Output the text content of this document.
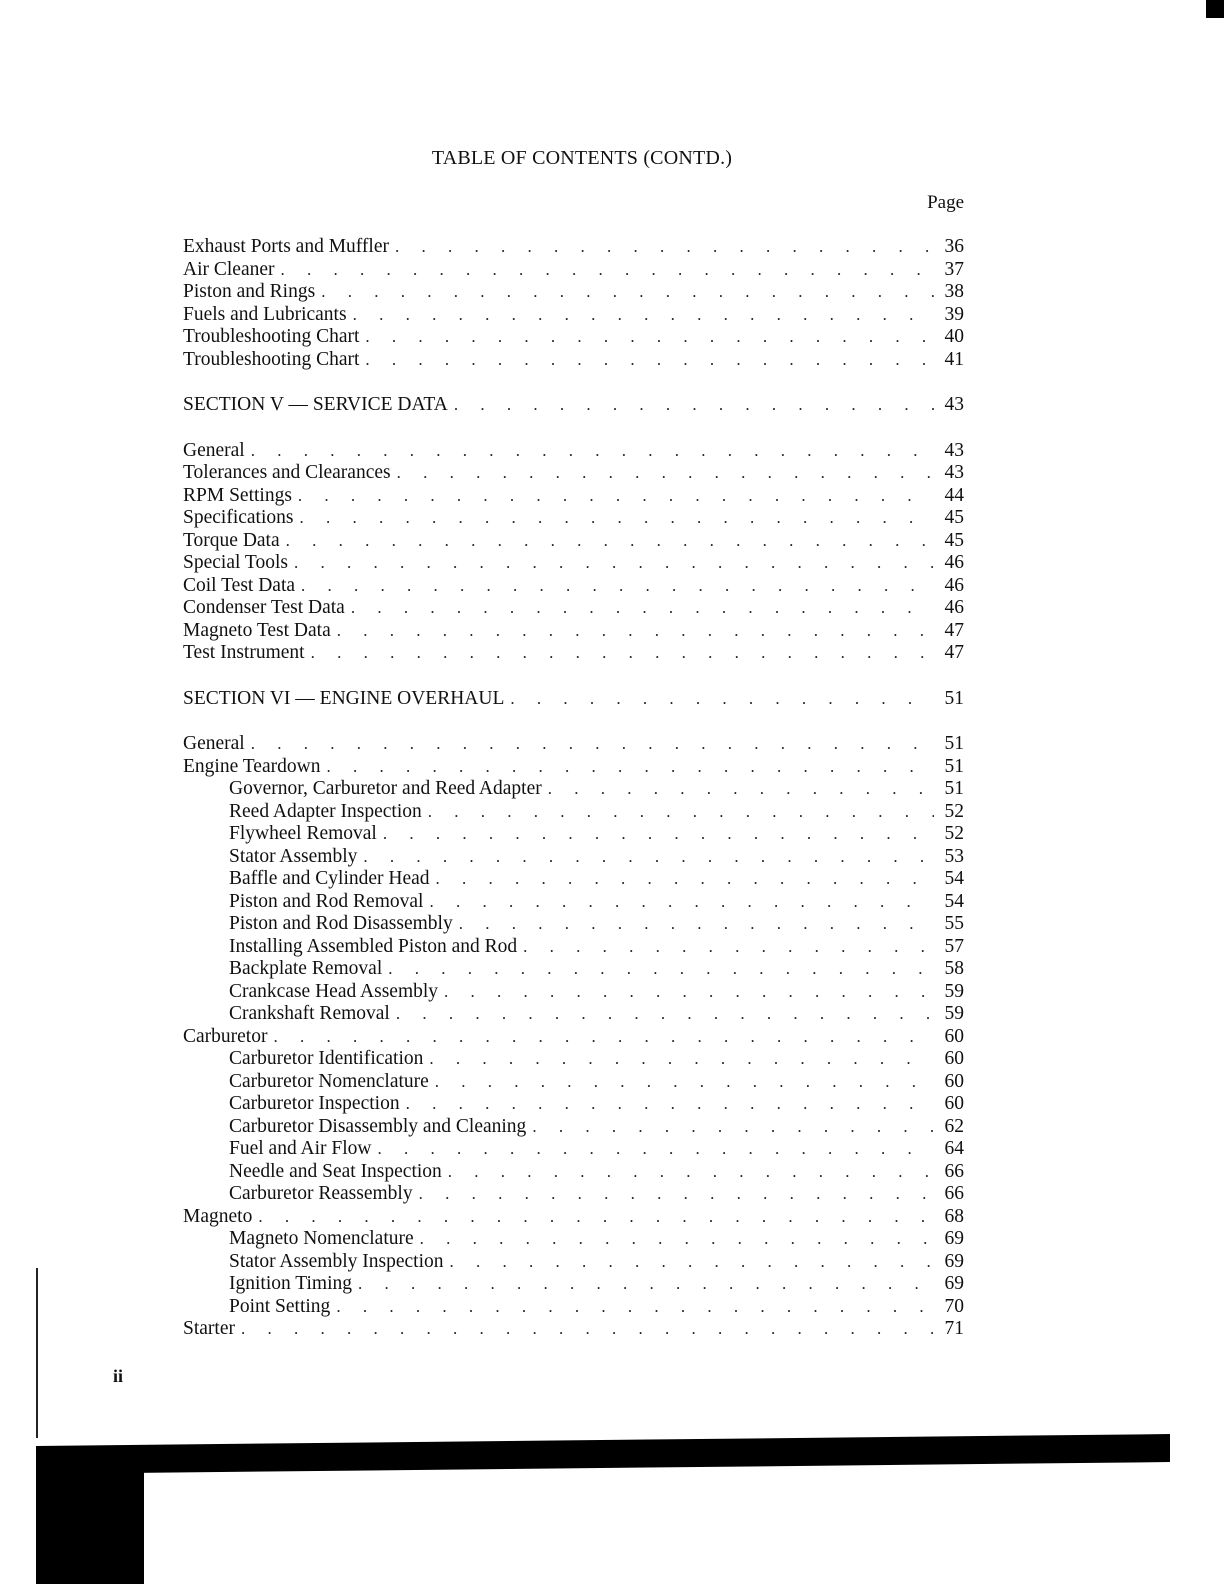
TABLE OF CONTENTS (CONTD.)
Page
Exhaust Ports and Muffler . . .	36
Air Cleaner . . .	37
Piston and Rings . . .	38
Fuels and Lubricants . . .	39
Troubleshooting Chart . . .	40
Troubleshooting Chart . . .	41
SECTION V — SERVICE DATA . . .	43
General . . .	43
Tolerances and Clearances . . .	43
RPM Settings . . .	44
Specifications . . .	45
Torque Data . . .	45
Special Tools . . .	46
Coil Test Data . . .	46
Condenser Test Data . . .	46
Magneto Test Data . . .	47
Test Instrument . . .	47
SECTION VI — ENGINE OVERHAUL . . .	51
General . . .	51
Engine Teardown . . .	51
Governor, Carburetor and Reed Adapter . . .	51
Reed Adapter Inspection . . .	52
Flywheel Removal . . .	52
Stator Assembly . . .	53
Baffle and Cylinder Head . . .	54
Piston and Rod Removal . . .	54
Piston and Rod Disassembly . . .	55
Installing Assembled Piston and Rod . . .	57
Backplate Removal . . .	58
Crankcase Head Assembly . . .	59
Crankshaft Removal . . .	59
Carburetor . . .	60
Carburetor Identification . . .	60
Carburetor Nomenclature . . .	60
Carburetor Inspection . . .	60
Carburetor Disassembly and Cleaning . . .	62
Fuel and Air Flow . . .	64
Needle and Seat Inspection . . .	66
Carburetor Reassembly . . .	66
Magneto . . .	68
Magneto Nomenclature . . .	69
Stator Assembly Inspection . . .	69
Ignition Timing . . .	69
Point Setting . . .	70
Starter . . .	71
ii
